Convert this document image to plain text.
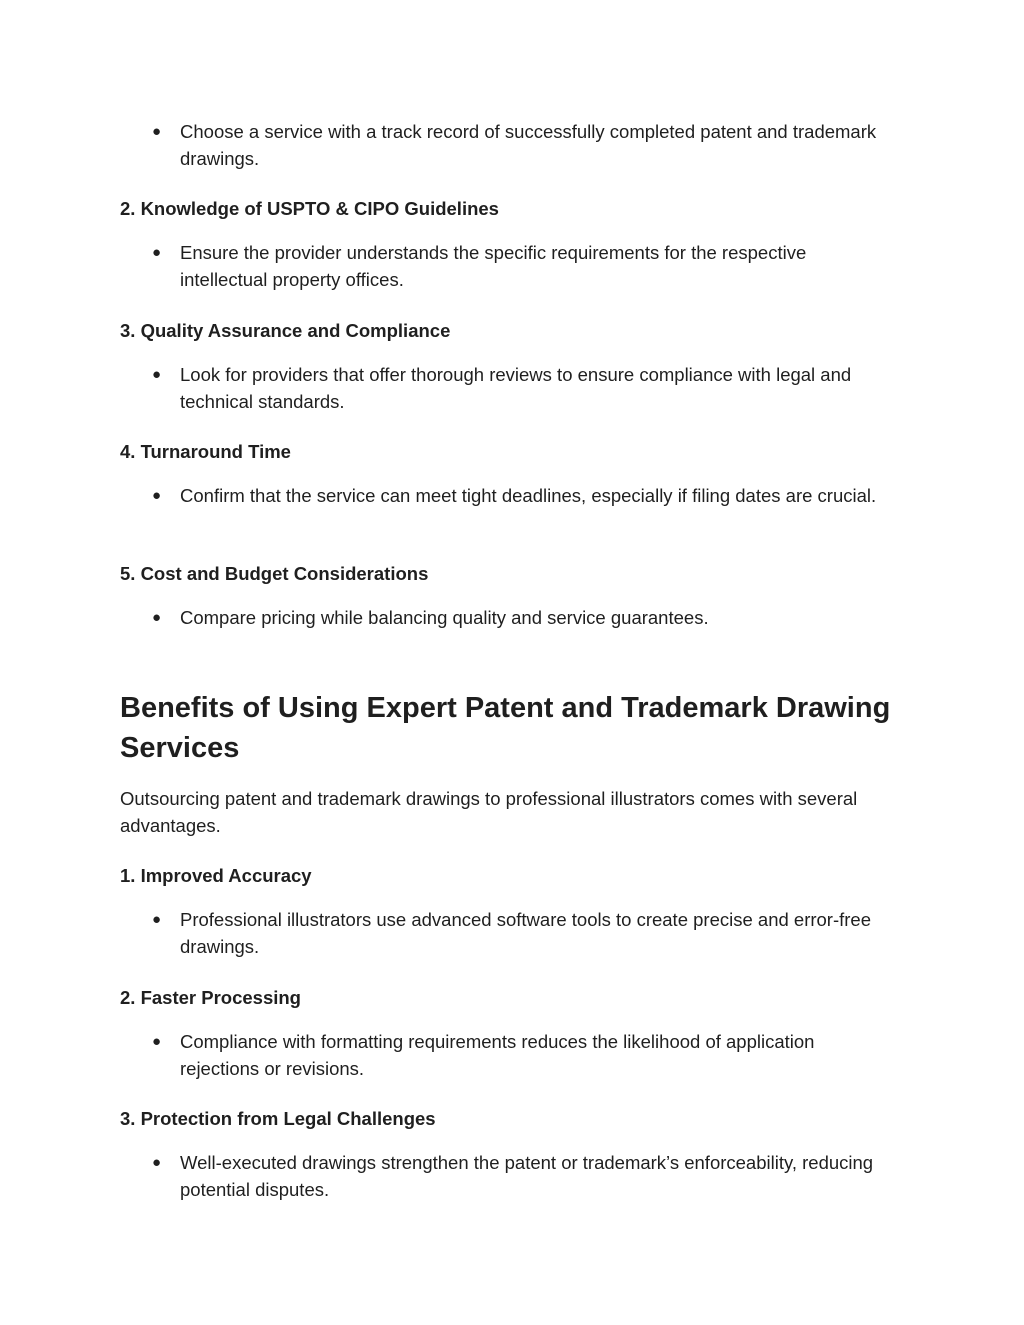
●	Choose a service with a track record of successfully completed patent and trademark drawings.
2. Knowledge of USPTO & CIPO Guidelines
●	Ensure the provider understands the specific requirements for the respective intellectual property offices.
3. Quality Assurance and Compliance
●	Look for providers that offer thorough reviews to ensure compliance with legal and technical standards.
4. Turnaround Time
●	Confirm that the service can meet tight deadlines, especially if filing dates are crucial.
5. Cost and Budget Considerations
●	Compare pricing while balancing quality and service guarantees.
Benefits of Using Expert Patent and Trademark Drawing Services
Outsourcing patent and trademark drawings to professional illustrators comes with several advantages.
1. Improved Accuracy
●	Professional illustrators use advanced software tools to create precise and error-free drawings.
2. Faster Processing
●	Compliance with formatting requirements reduces the likelihood of application rejections or revisions.
3. Protection from Legal Challenges
●	Well-executed drawings strengthen the patent or trademark’s enforceability, reducing potential disputes.
